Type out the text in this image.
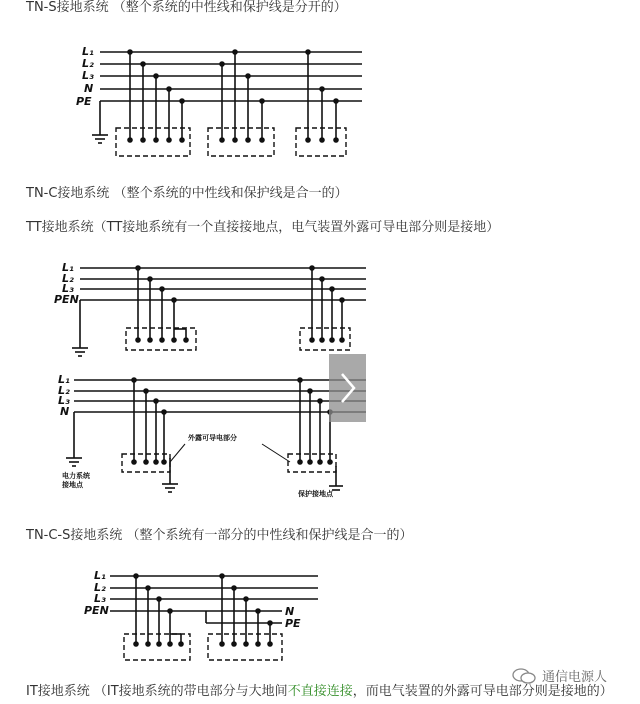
TN-S接地系统 （整个系统的中性线和保护线是分开的）
L₁
L₂
L₃
N
PE
TN-C接地系统 （整个系统的中性线和保护线是合一的）
TT接地系统（TT接地系统有一个直接接地点，电气装置外露可导电部分则是接地）
L₁
L₂
L₃
PEN
L₁
L₂
L₃
N
外露可导电部分
电力系统
接地点
保护接地点
TN-C-S接地系统 （整个系统有一部分的中性线和保护线是合一的）
L₁
L₂
L₃
PEN	N
PE
通信电源人
IT接地系统 （IT接地系统的带电部分与大地间不直接连接，而电气装置的外露可导电部分则是接地的）
